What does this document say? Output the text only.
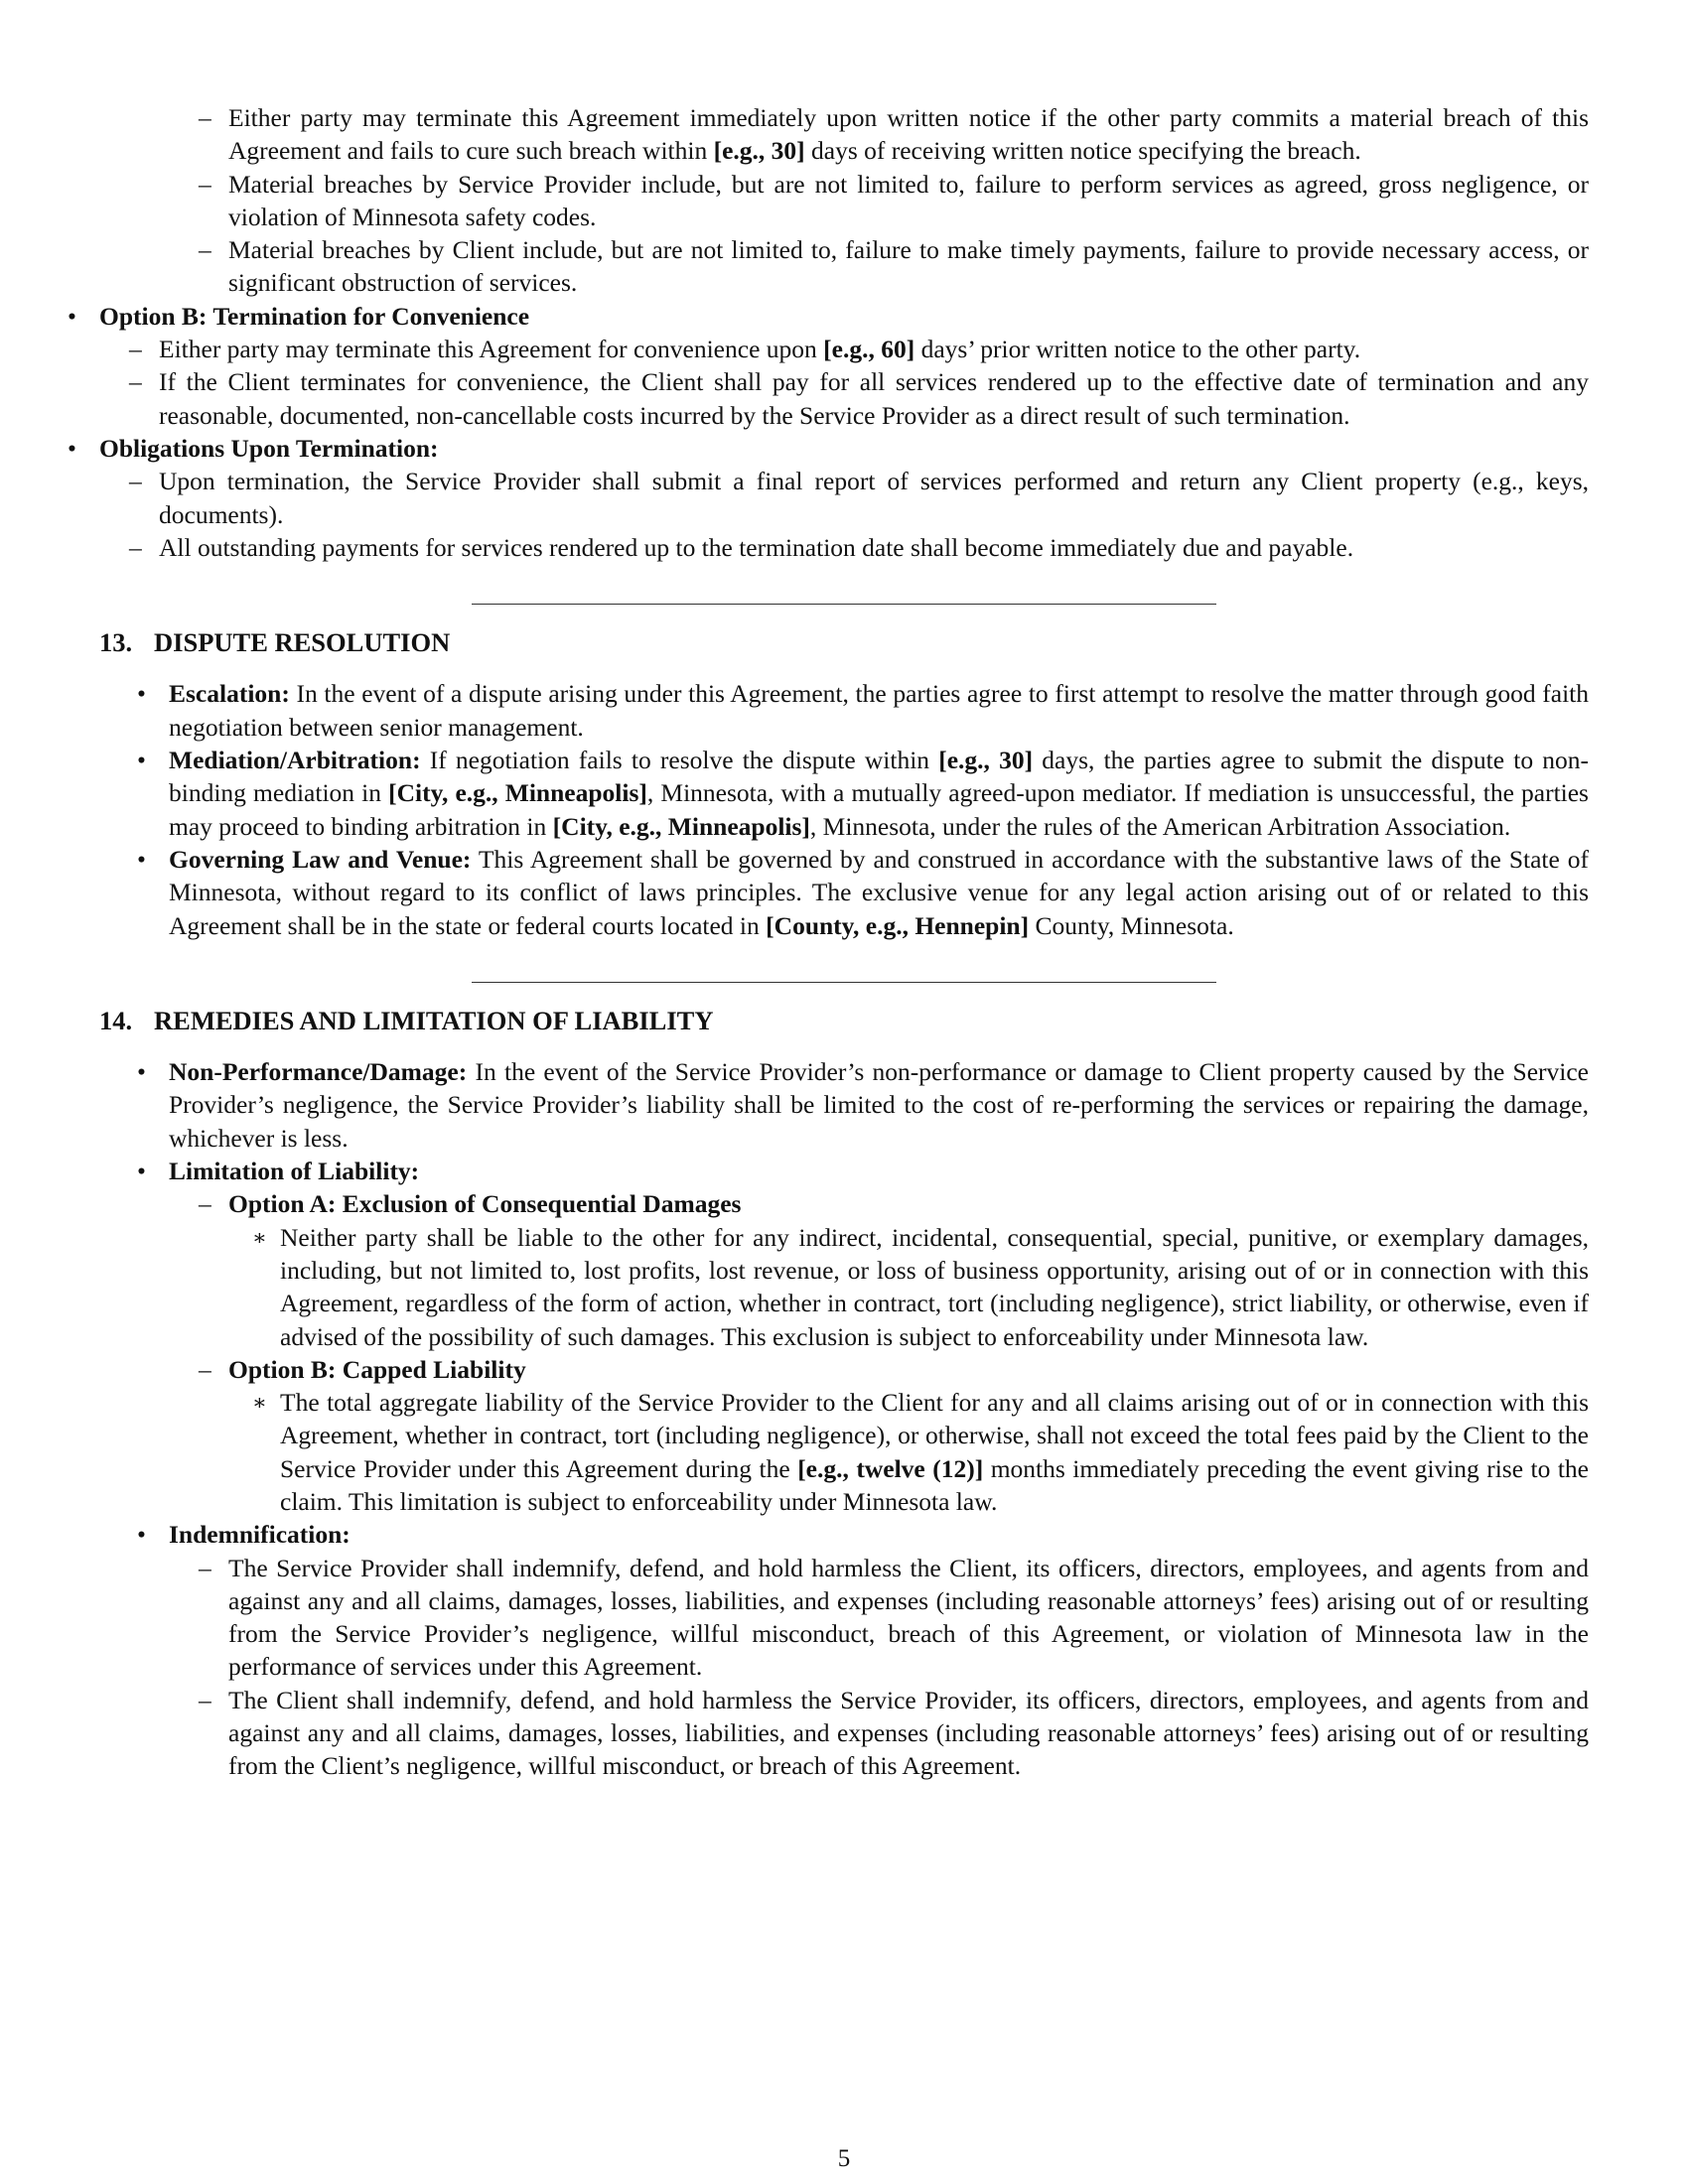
– Either party may terminate this Agreement immediately upon written notice if the other party commits a material breach of this Agreement and fails to cure such breach within [e.g., 30] days of receiving written notice specifying the breach.
– Material breaches by Service Provider include, but are not limited to, failure to perform services as agreed, gross negligence, or violation of Minnesota safety codes.
– Material breaches by Client include, but are not limited to, failure to make timely payments, failure to provide necessary access, or significant obstruction of services.
• Option B: Termination for Convenience
– Either party may terminate this Agreement for convenience upon [e.g., 60] days’ prior written notice to the other party.
– If the Client terminates for convenience, the Client shall pay for all services rendered up to the effective date of termination and any reasonable, documented, non-cancellable costs incurred by the Service Provider as a direct result of such termination.
• Obligations Upon Termination:
– Upon termination, the Service Provider shall submit a final report of services performed and return any Client property (e.g., keys, documents).
– All outstanding payments for services rendered up to the termination date shall become immediately due and payable.
13. DISPUTE RESOLUTION
• Escalation: In the event of a dispute arising under this Agreement, the parties agree to first attempt to resolve the matter through good faith negotiation between senior management.
• Mediation/Arbitration: If negotiation fails to resolve the dispute within [e.g., 30] days, the parties agree to submit the dispute to non-binding mediation in [City, e.g., Minneapolis], Minnesota, with a mutually agreed-upon mediator. If mediation is unsuccessful, the parties may proceed to binding arbitration in [City, e.g., Minneapolis], Minnesota, under the rules of the American Arbitration Association.
• Governing Law and Venue: This Agreement shall be governed by and construed in accordance with the substantive laws of the State of Minnesota, without regard to its conflict of laws principles. The exclusive venue for any legal action arising out of or related to this Agreement shall be in the state or federal courts located in [County, e.g., Hennepin] County, Minnesota.
14. REMEDIES AND LIMITATION OF LIABILITY
• Non-Performance/Damage: In the event of the Service Provider’s non-performance or damage to Client property caused by the Service Provider’s negligence, the Service Provider’s liability shall be limited to the cost of re-performing the services or repairing the damage, whichever is less.
• Limitation of Liability:
– Option A: Exclusion of Consequential Damages
∗ Neither party shall be liable to the other for any indirect, incidental, consequential, special, punitive, or exemplary damages, including, but not limited to, lost profits, lost revenue, or loss of business opportunity, arising out of or in connection with this Agreement, regardless of the form of action, whether in contract, tort (including negligence), strict liability, or otherwise, even if advised of the possibility of such damages. This exclusion is subject to enforceability under Minnesota law.
– Option B: Capped Liability
∗ The total aggregate liability of the Service Provider to the Client for any and all claims arising out of or in connection with this Agreement, whether in contract, tort (including negligence), or otherwise, shall not exceed the total fees paid by the Client to the Service Provider under this Agreement during the [e.g., twelve (12)] months immediately preceding the event giving rise to the claim. This limitation is subject to enforceability under Minnesota law.
• Indemnification:
– The Service Provider shall indemnify, defend, and hold harmless the Client, its officers, directors, employees, and agents from and against any and all claims, damages, losses, liabilities, and expenses (including reasonable attorneys’ fees) arising out of or resulting from the Service Provider’s negligence, willful misconduct, breach of this Agreement, or violation of Minnesota law in the performance of services under this Agreement.
– The Client shall indemnify, defend, and hold harmless the Service Provider, its officers, directors, employees, and agents from and against any and all claims, damages, losses, liabilities, and expenses (including reasonable attorneys’ fees) arising out of or resulting from the Client’s negligence, willful misconduct, or breach of this Agreement.
5
